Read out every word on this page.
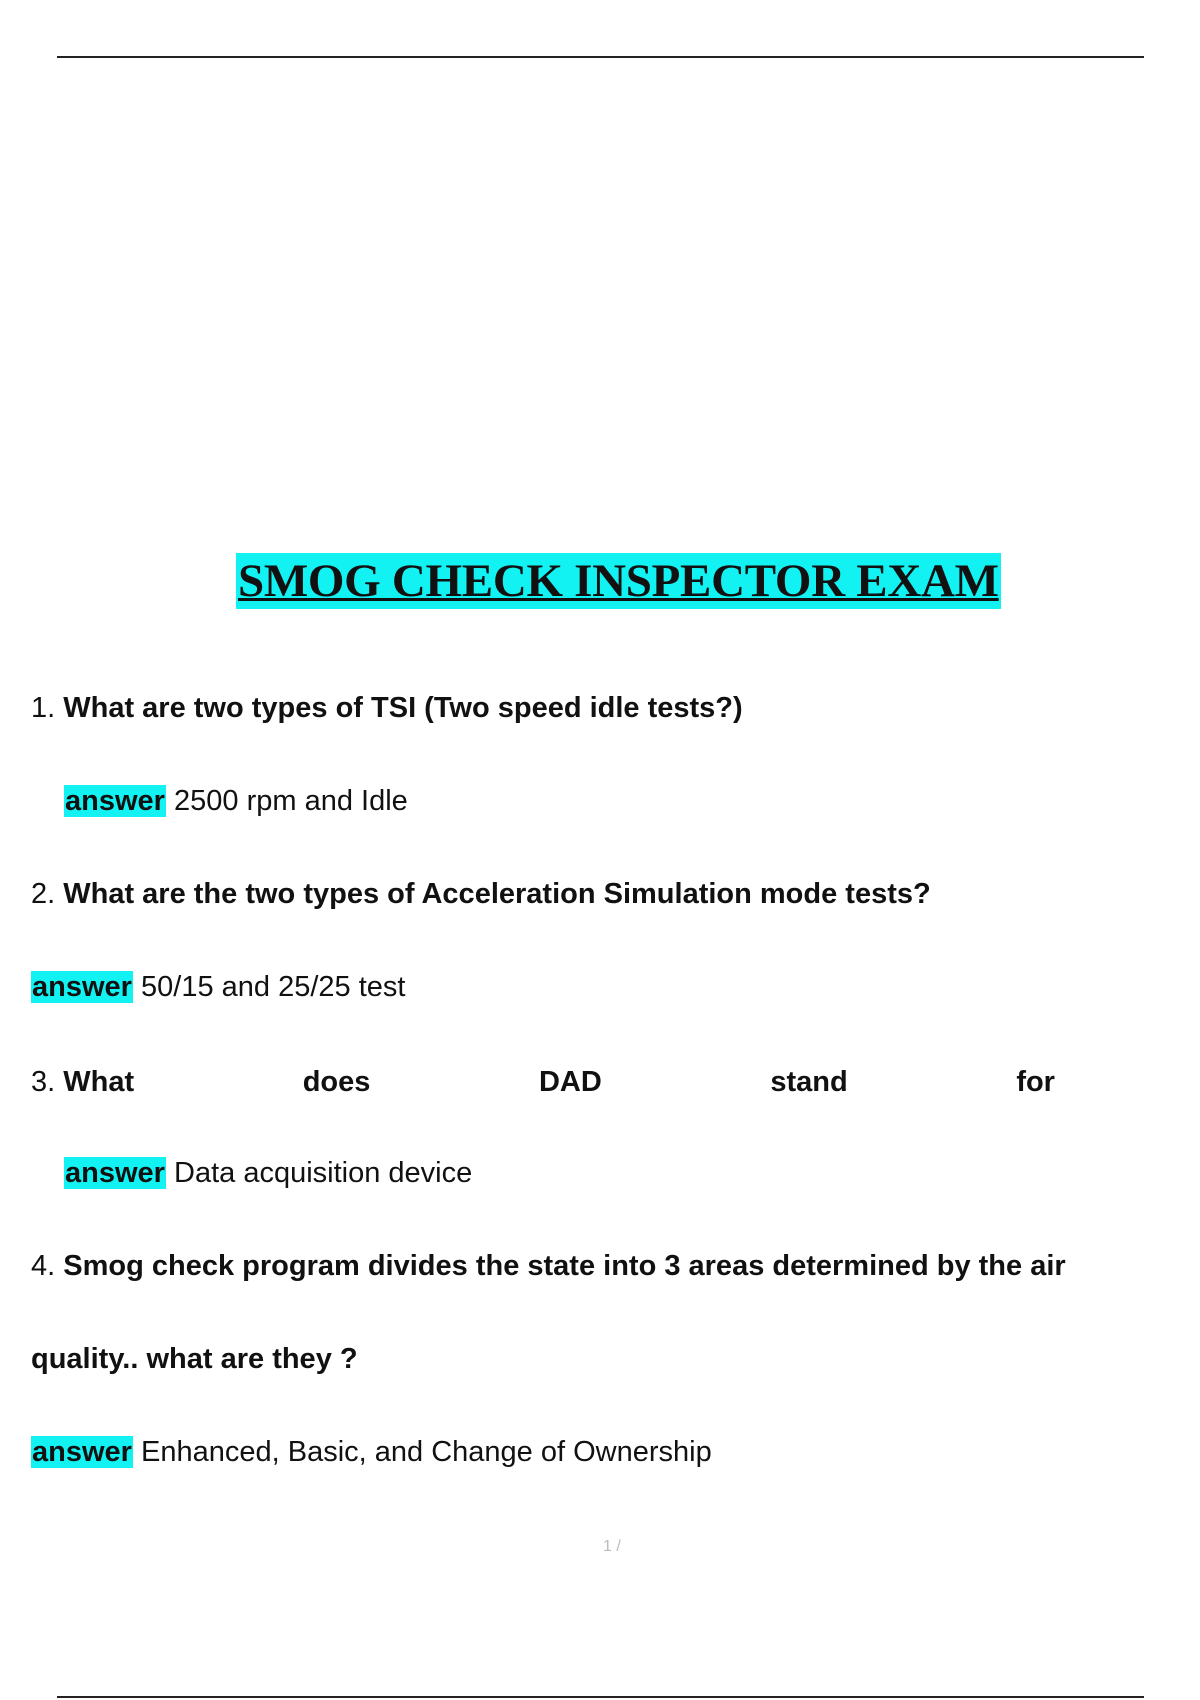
SMOG CHECK INSPECTOR EXAM
1. What are two types of TSI (Two speed idle tests?)
answer 2500 rpm and Idle
2. What are the two types of Acceleration Simulation mode tests?
answer 50/15 and 25/25 test
3. What	does	DAD	stand	for
answer Data acquisition device
4. Smog check program divides the state into 3 areas determined by the air
quality.. what are they ?
answer Enhanced, Basic, and Change of Ownership
1 /
